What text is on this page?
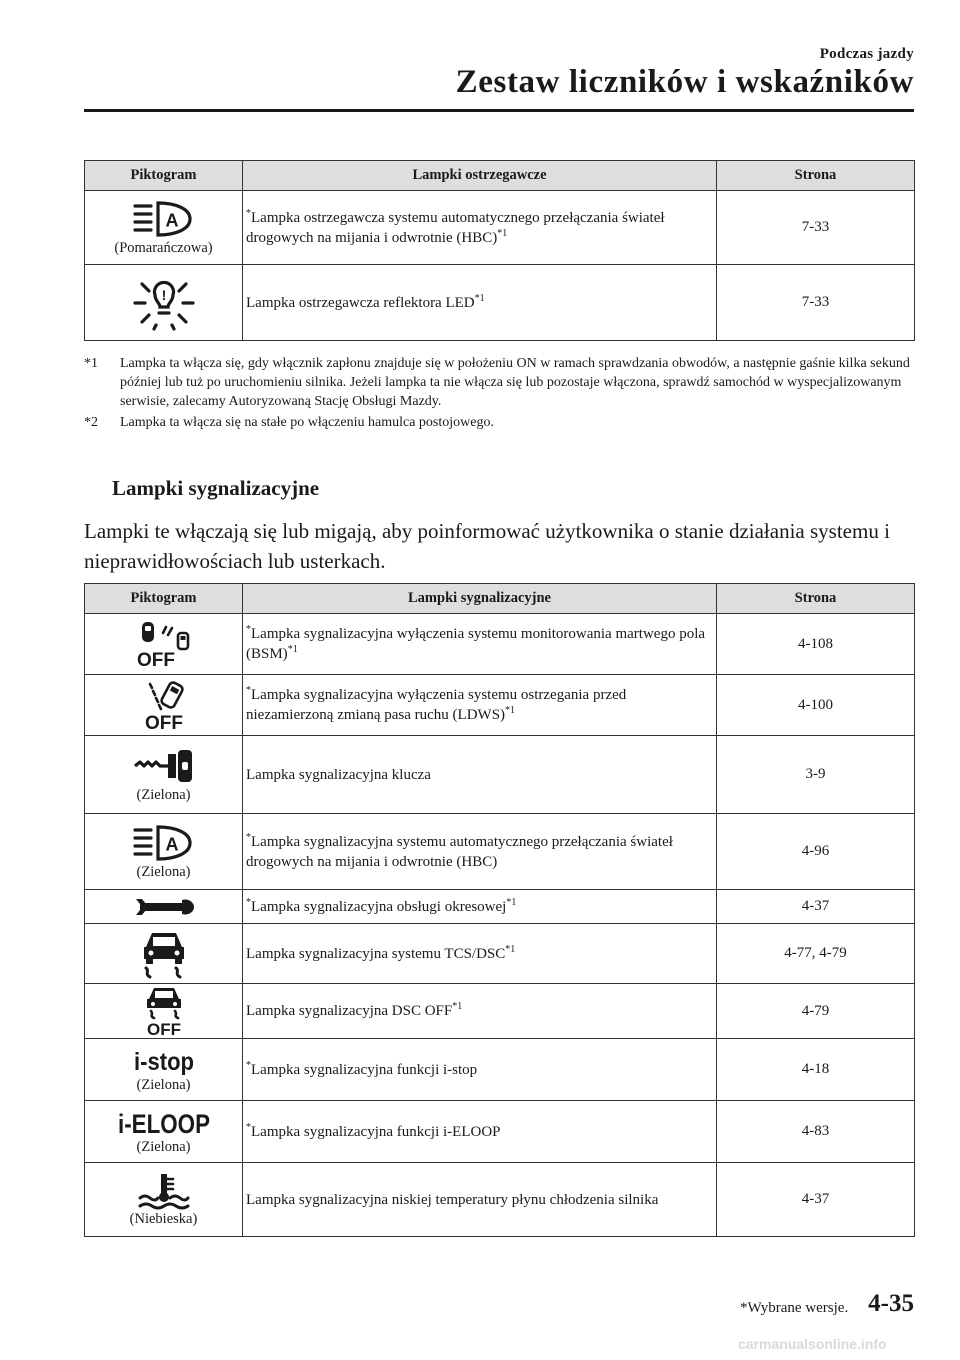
Podczas jazdy
Zestaw liczników i wskaźników
Piktogram	Lampki ostrzegawcze	Strona

A
(Pomarańczowa)	*Lampka ostrzegawcza systemu automatycznego przełączania świateł drogowych na mijania i odwrotnie (HBC)$^{*1}$	7-33

!	Lampka ostrzegawcza reflektora LED$^{*1}$	7-33
*1 Lampka ta włącza się, gdy włącznik zapłonu znajduje się w położeniu ON w ramach sprawdzania obwodów, a następnie gaśnie kilka sekund później lub tuż po uruchomieniu silnika. Jeżeli lampka ta nie włącza się lub pozostaje włączona, sprawdź samochód w wyspecjalizowanym serwisie, zalecamy Autoryzowaną Stację Obsługi Mazdy.
*2 Lampka ta włącza się na stałe po włączeniu hamulca postojowego.
Lampki sygnalizacyjne
Lampki te włączają się lub migają, aby poinformować użytkownika o stanie działania systemu i nieprawidłowościach lub usterkach.
Piktogram	Lampki sygnalizacyjne	Strona

OFF	*Lampka sygnalizacyjna wyłączenia systemu monitorowania martwego pola (BSM)$^{*1}$	4-108

OFF	*Lampka sygnalizacyjna wyłączenia systemu ostrzegania przed niezamierzoną zmianą pasa ruchu (LDWS)$^{*1}$	4-100

(Zielona)	Lampka sygnalizacyjna klucza	3-9

A
(Zielona)	*Lampka sygnalizacyjna systemu automatycznego przełączania świateł drogowych na mijania i odwrotnie (HBC)	4-96

	*Lampka sygnalizacyjna obsługi okresowej$^{*1}$	4-37

	Lampka sygnalizacyjna systemu TCS/DSC$^{*1}$	4-77, 4-79

OFF	Lampka sygnalizacyjna DSC OFF$^{*1}$	4-79

i-stop
(Zielona)	*Lampka sygnalizacyjna funkcji i-stop	4-18

i-ELOOP
(Zielona)	*Lampka sygnalizacyjna funkcji i-ELOOP	4-83

(Niebieska)	Lampka sygnalizacyjna niskiej temperatury płynu chłodzenia silnika	4-37
*Wybrane wersje. 4-35
carmanualsonline.info
